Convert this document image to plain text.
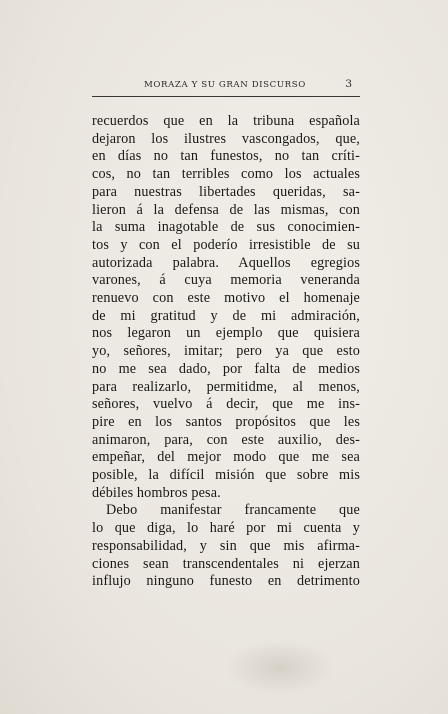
MORAZA Y SU GRAN DISCURSO	3
recuerdos que en la tribuna española
dejaron los ilustres vascongados, que,
en días no tan funestos, no tan críti-
cos, no tan terribles como los actuales
para nuestras libertades queridas, sa-
lieron á la defensa de las mismas, con
la suma inagotable de sus conocimien-
tos y con el poderío irresistible de su
autorizada palabra. Aquellos egregios
varones, á cuya memoria veneranda
renuevo con este motivo el homenaje
de mi gratitud y de mi admiración,
nos legaron un ejemplo que quisiera
yo, señores, imitar; pero ya que esto
no me sea dado, por falta de medios
para realizarlo, permitidme, al menos,
señores, vuelvo á decir, que me ins-
pire en los santos propósitos que les
animaron, para, con este auxilio, des-
empeñar, del mejor modo que me sea
posible, la difícil misión que sobre mis
débiles hombros pesa.
Debo manifestar francamente que
lo que diga, lo haré por mi cuenta y
responsabilidad, y sin que mis afirma-
ciones sean transcendentales ni ejerzan
influjo ninguno funesto en detrimento
